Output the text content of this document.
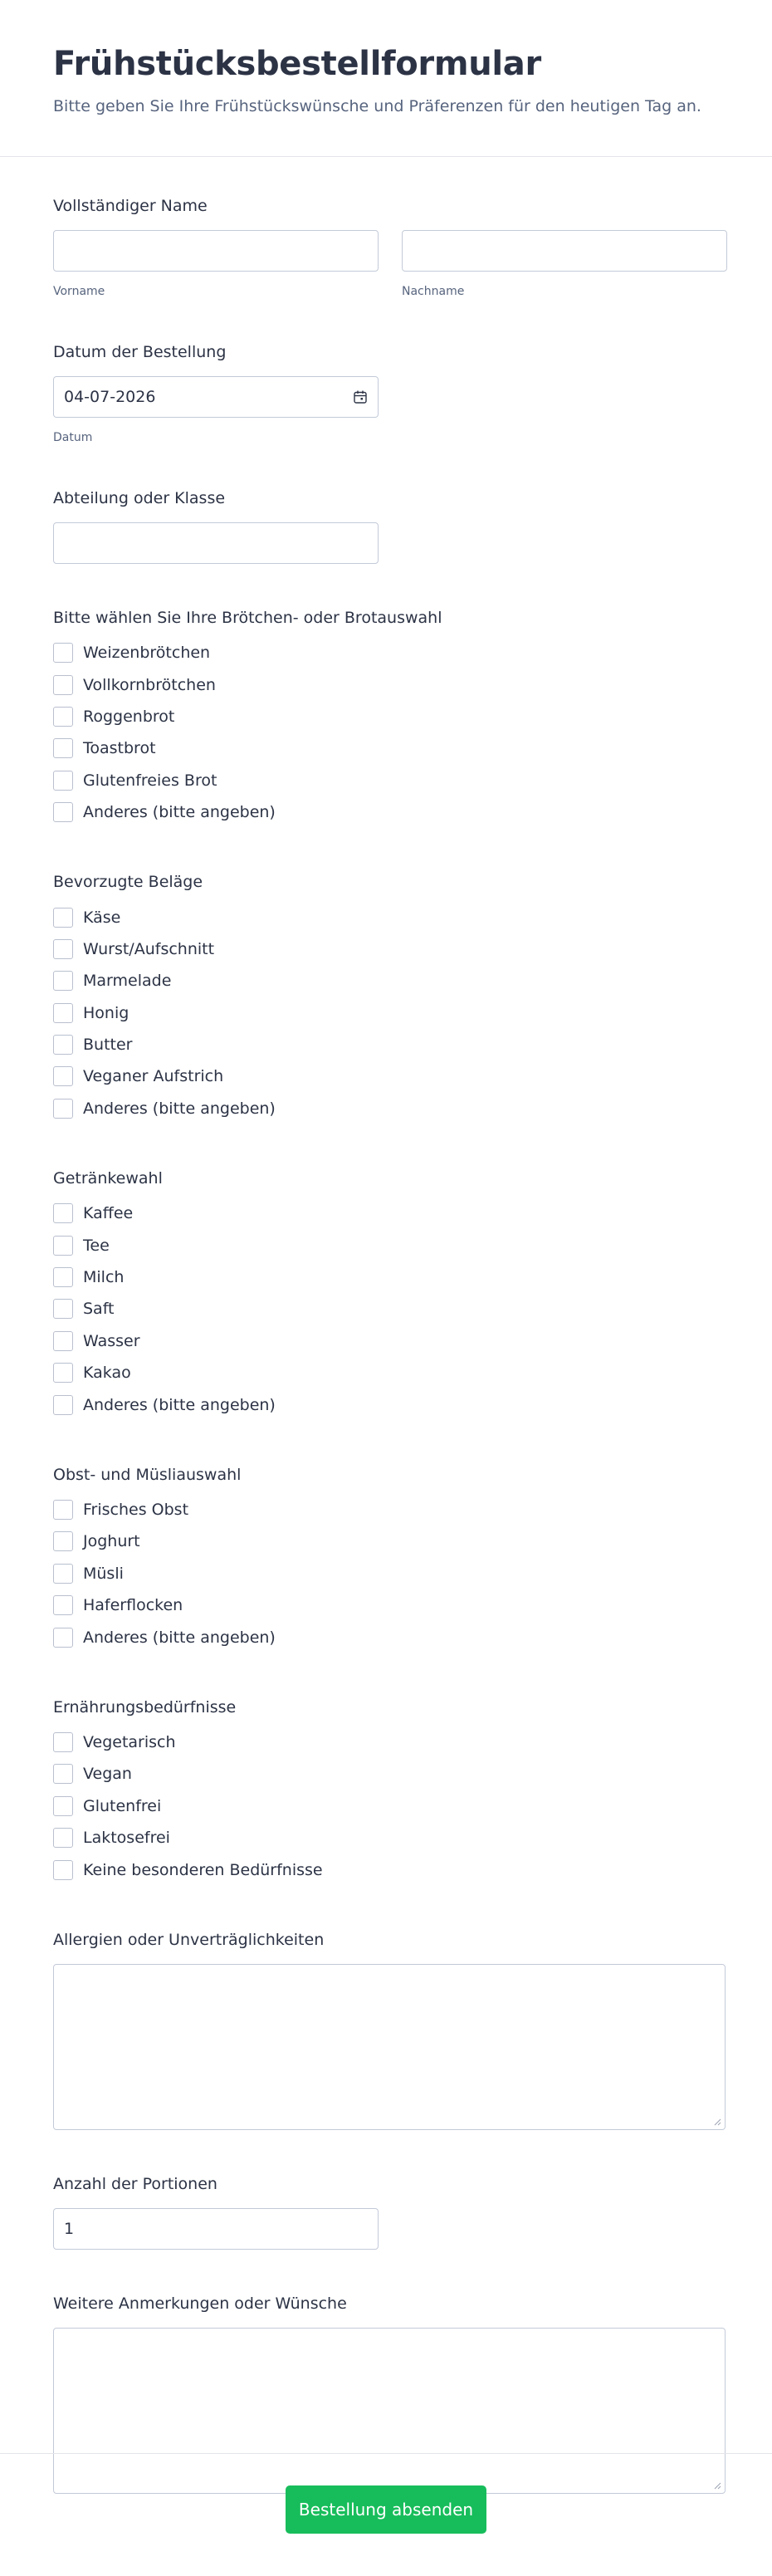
Frühstücksbestellformular

Bitte geben Sie Ihre Frühstückswünsche und Präferenzen für den heutigen Tag an.

Vollständiger Name
Vorname	Nachname
Datum der Bestellung
04-07-2026
Datum
Abteilung oder Klasse
Bitte wählen Sie Ihre Brötchen- oder Brotauswahl
Weizenbrötchen
Vollkornbrötchen
Roggenbrot
Toastbrot
Glutenfreies Brot
Anderes (bitte angeben)
Bevorzugte Beläge
Käse
Wurst/Aufschnitt
Marmelade
Honig
Butter
Veganer Aufstrich
Anderes (bitte angeben)
Getränkewahl
Kaffee
Tee
Milch
Saft
Wasser
Kakao
Anderes (bitte angeben)
Obst- und Müsliauswahl
Frisches Obst
Joghurt
Müsli
Haferflocken
Anderes (bitte angeben)
Ernährungsbedürfnisse
Vegetarisch
Vegan
Glutenfrei
Laktosefrei
Keine besonderen Bedürfnisse
Allergien oder Unverträglichkeiten
Anzahl der Portionen
1
Weitere Anmerkungen oder Wünsche
Bestellung absenden
